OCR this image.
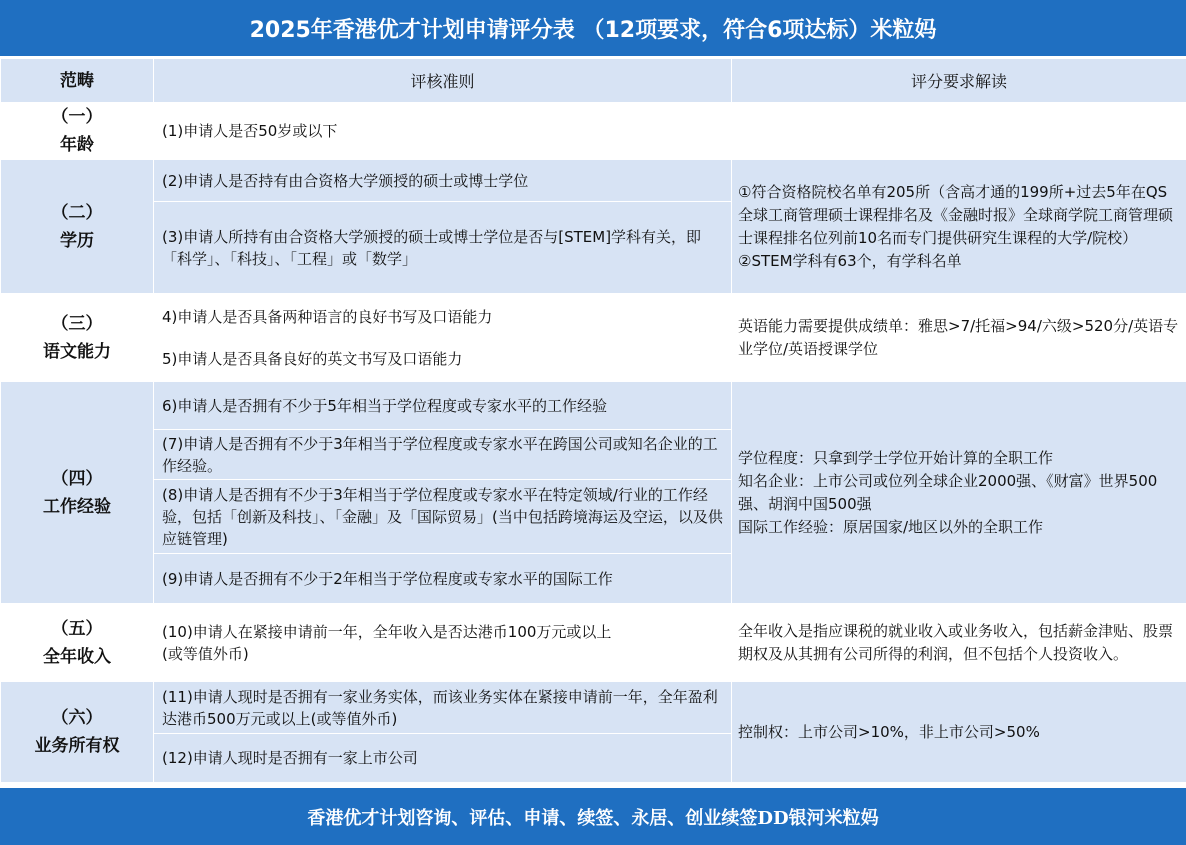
2025年香港优才计划申请评分表 （12项要求，符合6项达标）米粒妈
范畴	评核准则	评分要求解读

（一）
年龄	(1)申请人是否50岁或以下	

（二）
学历	(2)申请人是否持有由合资格大学颁授的硕士或博士学位	①符合资格院校名单有205所（含高才通的199所+过去5年在QS全球工商管理硕士课程排名及《金融时报》全球商学院工商管理硕士课程排名位列前10名而专门提供研究生课程的大学/院校）
②STEM学科有63个，有学科名单

	(3)申请人所持有由合资格大学颁授的硕士或博士学位是否与[STEM]学科有关，即「科学」、「科技」、「工程」或「数学」	

（三）
语文能力	4)申请人是否具备两种语言的良好书写及口语能力
5)申请人是否具备良好的英文书写及口语能力	英语能力需要提供成绩单：雅思>7/托福>94/六级>520分/英语专业学位/英语授课学位

（四）
工作经验	6)申请人是否拥有不少于5年相当于学位程度或专家水平的工作经验	学位程度：只拿到学士学位开始计算的全职工作
知名企业：上市公司或位列全球企业2000强、《财富》世界500强、胡润中国500强
国际工作经验：原居国家/地区以外的全职工作

	(7)申请人是否拥有不少于3年相当于学位程度或专家水平在跨国公司或知名企业的工作经验。	
	(8)申请人是否拥有不少于3年相当于学位程度或专家水平在特定领域/行业的工作经验，包括「创新及科技」、「金融」及「国际贸易」(当中包括跨境海运及空运，以及供应链管理)	
	(9)申请人是否拥有不少于2年相当于学位程度或专家水平的国际工作	

（五）
全年收入	(10)申请人在紧接申请前一年，全年收入是否达港币100万元或以上
(或等值外币)	全年收入是指应课税的就业收入或业务收入，包括薪金津贴、股票期权及从其拥有公司所得的利润，但不包括个人投资收入。

（六）
业务所有权	(11)申请人现时是否拥有一家业务实体，而该业务实体在紧接申请前一年，全年盈利达港币500万元或以上(或等值外币)	控制权：上市公司>10%，非上市公司>50%
	(12)申请人现时是否拥有一家上市公司	
香港优才计划咨询、评估、申请、续签、永居、创业续签DD银河米粒妈
